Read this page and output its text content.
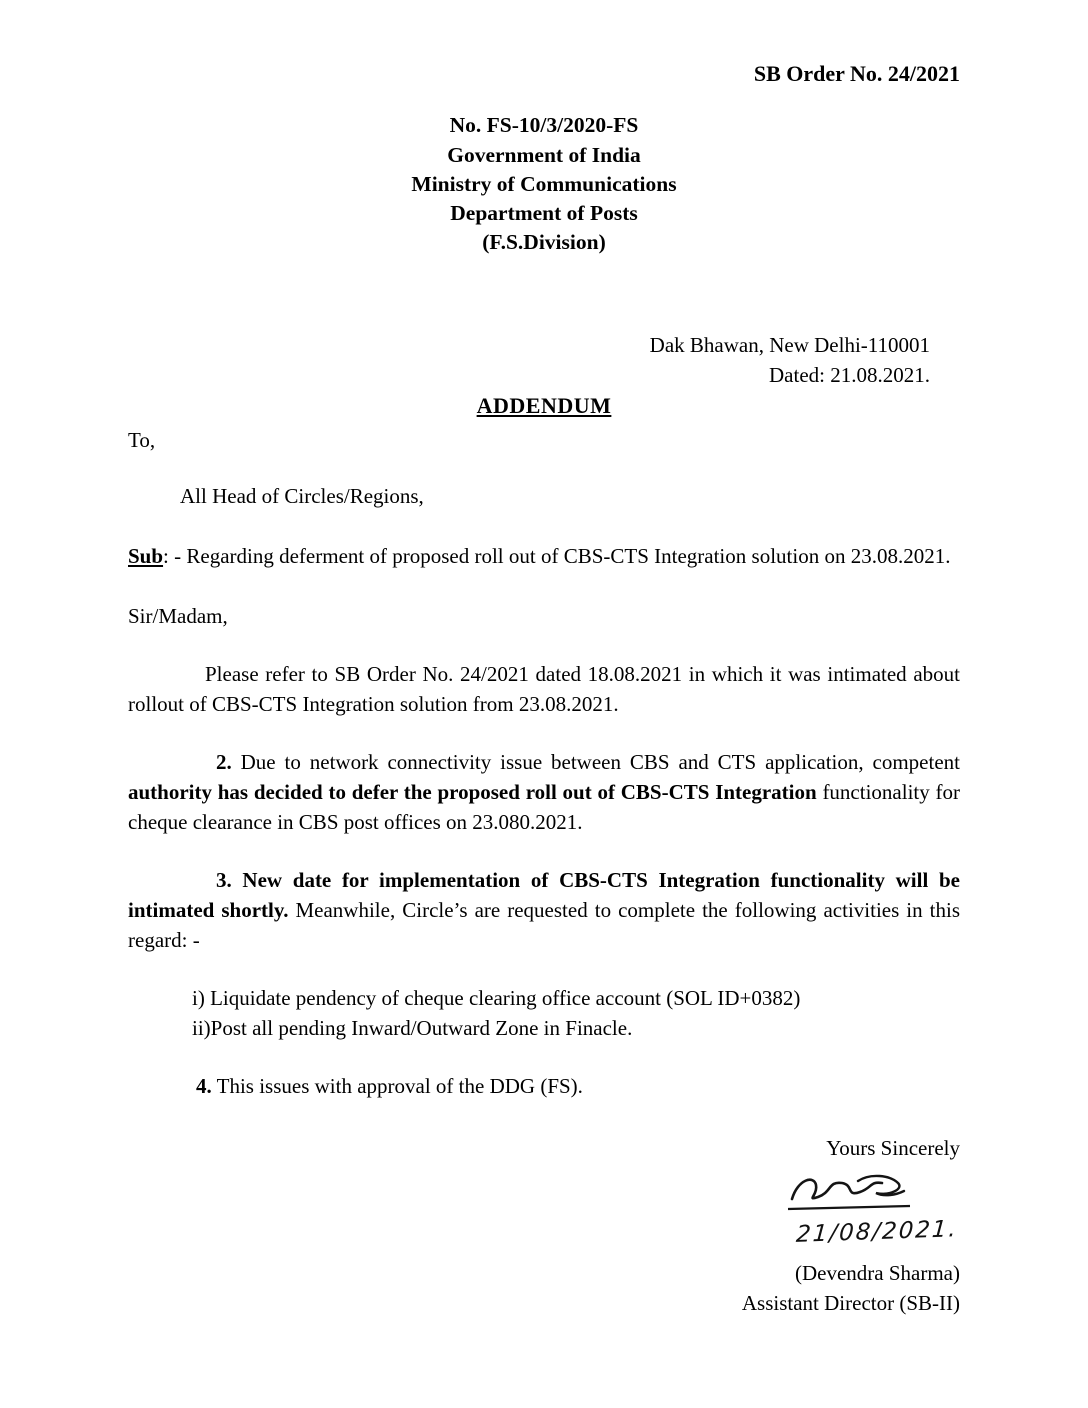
SB Order No. 24/2021
No. FS-10/3/2020-FS
Government of India
Ministry of Communications
Department of Posts
(F.S.Division)
Dak Bhawan, New Delhi-110001
Dated: 21.08.2021.
ADDENDUM
To,
All Head of Circles/Regions,

Sub: - Regarding deferment of proposed roll out of CBS-CTS Integration solution on 23.08.2021.

Sir/Madam,

Please refer to SB Order No. 24/2021 dated 18.08.2021 in which it was intimated about rollout of CBS-CTS Integration solution from 23.08.2021.

2. Due to network connectivity issue between CBS and CTS application, competent authority has decided to defer the proposed roll out of CBS-CTS Integration functionality for cheque clearance in CBS post offices on 23.080.2021.

3. New date for implementation of CBS-CTS Integration functionality will be intimated shortly. Meanwhile, Circle’s are requested to complete the following activities in this regard: -

i) Liquidate pendency of cheque clearing office account (SOL ID+0382)

ii)Post all pending Inward/Outward Zone in Finacle.

4. This issues with approval of the DDG (FS).

Yours Sincerely
21/08/2021.
(Devendra Sharma)
Assistant Director (SB-II)
